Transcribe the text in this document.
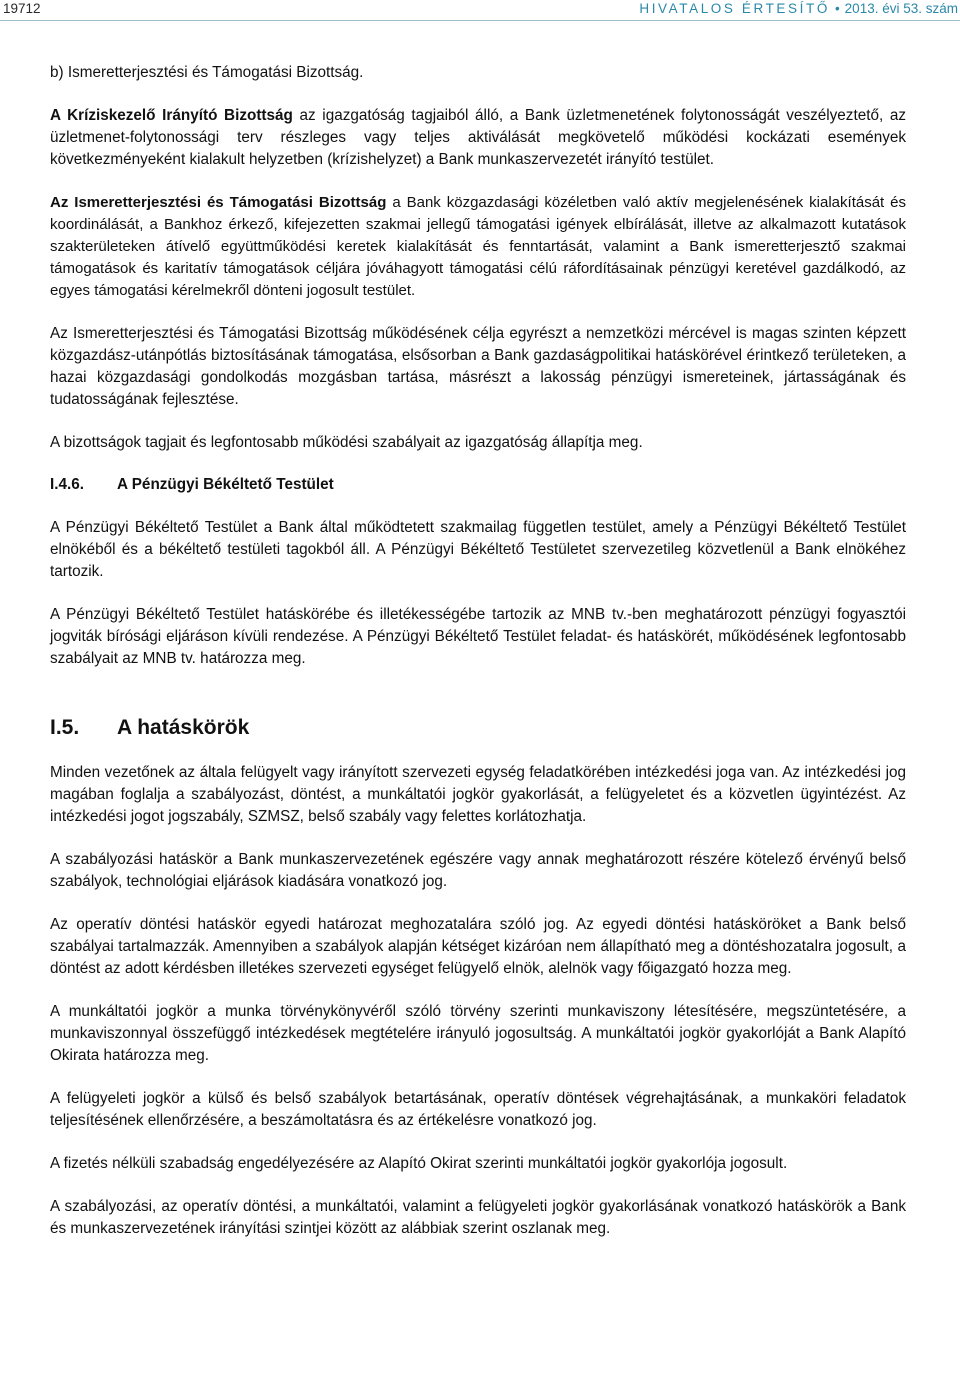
19712	HIVATALOS ÉRTESÍTŐ • 2013. évi 53. szám
b) Ismeretterjesztési és Támogatási Bizottság.

A Kríziskezelő Irányító Bizottság az igazgatóság tagjaiból álló, a Bank üzletmenetének folytonosságát veszélyeztető, az üzletmenet-folytonossági terv részleges vagy teljes aktiválását megkövetelő működési kockázati események következményeként kialakult helyzetben (krízishelyzet) a Bank munkaszervezetét irányító testület.

Az Ismeretterjesztési és Támogatási Bizottság a Bank közgazdasági közéletben való aktív megjelenésének kialakítását és koordinálását, a Bankhoz érkező, kifejezetten szakmai jellegű támogatási igények elbírálását, illetve az alkalmazott kutatások szakterületeken átívelő együttműködési keretek kialakítását és fenntartását, valamint a Bank ismeretterjesztő szakmai támogatások és karitatív támogatások céljára jóváhagyott támogatási célú ráfordításainak pénzügyi keretével gazdálkodó, az egyes támogatási kérelmekről dönteni jogosult testület.

Az Ismeretterjesztési és Támogatási Bizottság működésének célja egyrészt a nemzetközi mércével is magas szinten képzett közgazdász-utánpótlás biztosításának támogatása, elsősorban a Bank gazdaságpolitikai hatáskörével érintkező területeken, a hazai közgazdasági gondolkodás mozgásban tartása, másrészt a lakosság pénzügyi ismereteinek, jártasságának és tudatosságának fejlesztése.

A bizottságok tagjait és legfontosabb működési szabályait az igazgatóság állapítja meg.

I.4.6. A Pénzügyi Békéltető Testület

A Pénzügyi Békéltető Testület a Bank által működtetett szakmailag független testület, amely a Pénzügyi Békéltető Testület elnökéből és a békéltető testületi tagokból áll. A Pénzügyi Békéltető Testületet szervezetileg közvetlenül a Bank elnökéhez tartozik.

A Pénzügyi Békéltető Testület hatáskörébe és illetékességébe tartozik az MNB tv.-ben meghatározott pénzügyi fogyasztói jogviták bírósági eljáráson kívüli rendezése. A Pénzügyi Békéltető Testület feladat- és hatáskörét, működésének legfontosabb szabályait az MNB tv. határozza meg.

I.5. A hatáskörök

Minden vezetőnek az általa felügyelt vagy irányított szervezeti egység feladatkörében intézkedési joga van. Az intézkedési jog magában foglalja a szabályozást, döntést, a munkáltatói jogkör gyakorlását, a felügyeletet és a közvetlen ügyintézést. Az intézkedési jogot jogszabály, SZMSZ, belső szabály vagy felettes korlátozhatja.

A szabályozási hatáskör a Bank munkaszervezetének egészére vagy annak meghatározott részére kötelező érvényű belső szabályok, technológiai eljárások kiadására vonatkozó jog.

Az operatív döntési hatáskör egyedi határozat meghozatalára szóló jog. Az egyedi döntési hatásköröket a Bank belső szabályai tartalmazzák. Amennyiben a szabályok alapján kétséget kizáróan nem állapítható meg a döntéshozatalra jogosult, a döntést az adott kérdésben illetékes szervezeti egységet felügyelő elnök, alelnök vagy főigazgató hozza meg.

A munkáltatói jogkör a munka törvénykönyvéről szóló törvény szerinti munkaviszony létesítésére, megszüntetésére, a munkaviszonnyal összefüggő intézkedések megtételére irányuló jogosultság. A munkáltatói jogkör gyakorlóját a Bank Alapító Okirata határozza meg.

A felügyeleti jogkör a külső és belső szabályok betartásának, operatív döntések végrehajtásának, a munkaköri feladatok teljesítésének ellenőrzésére, a beszámoltatásra és az értékelésre vonatkozó jog.

A fizetés nélküli szabadság engedélyezésére az Alapító Okirat szerinti munkáltatói jogkör gyakorlója jogosult.

A szabályozási, az operatív döntési, a munkáltatói, valamint a felügyeleti jogkör gyakorlásának vonatkozó hatáskörök a Bank és munkaszervezetének irányítási szintjei között az alábbiak szerint oszlanak meg.
